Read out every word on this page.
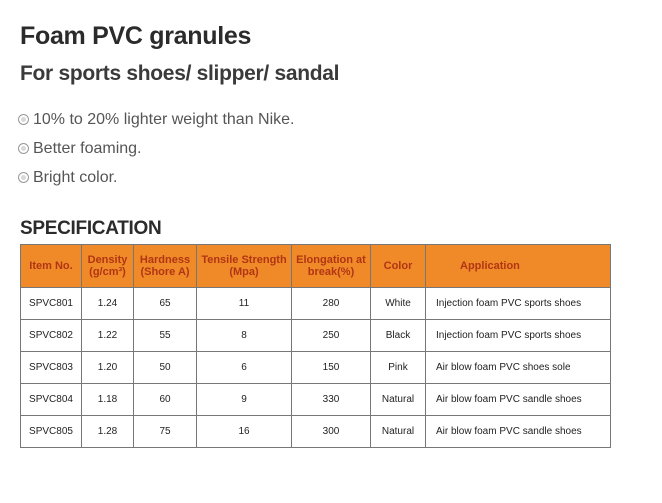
Foam PVC granules
For sports shoes/ slipper/ sandal
10% to 20% lighter weight than Nike.
Better foaming.
Bright color.
SPECIFICATION
Item No.	Density (g/cm³)	Hardness (Shore A)	Tensile Strength (Mpa)	Elongation at break(%)	Color	Application
SPVC801	1.24	65	11	280	White	Injection foam PVC sports shoes
SPVC802	1.22	55	8	250	Black	Injection foam PVC sports shoes
SPVC803	1.20	50	6	150	Pink	Air blow foam PVC shoes sole
SPVC804	1.18	60	9	330	Natural	Air blow foam PVC sandle shoes
SPVC805	1.28	75	16	300	Natural	Air blow foam PVC sandle shoes
